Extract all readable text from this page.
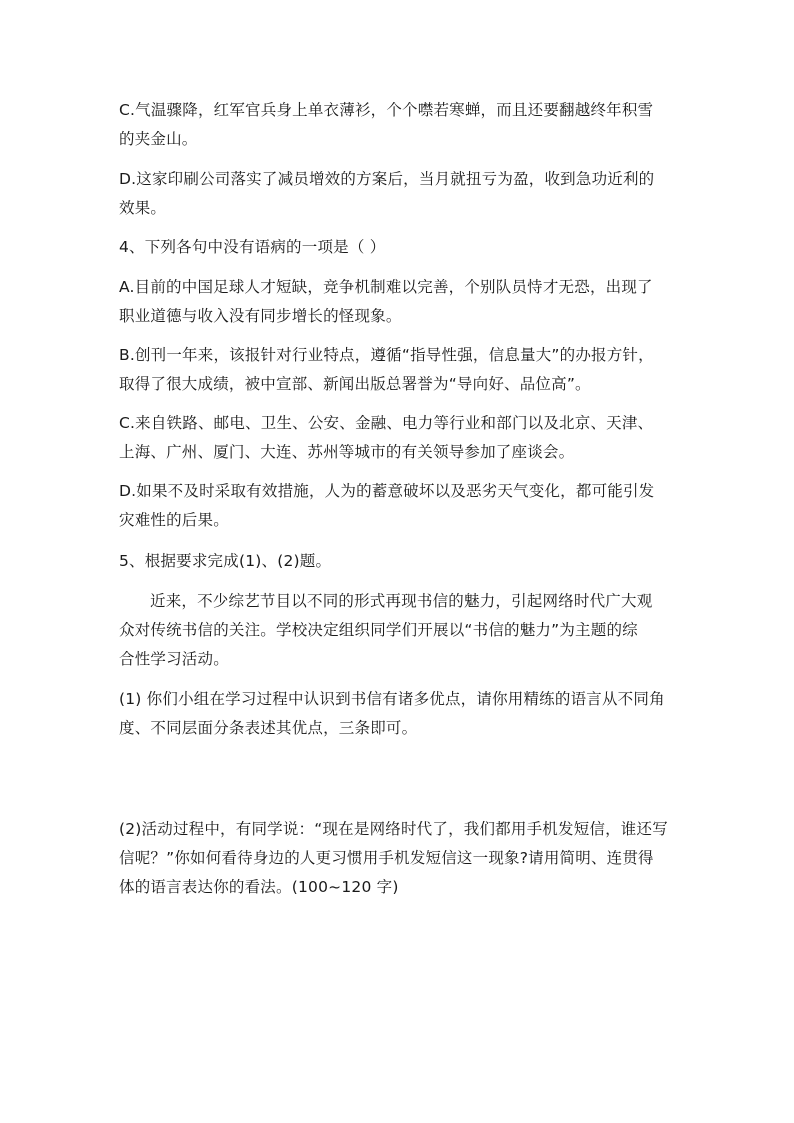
C.气温骤降，红军官兵身上单衣薄衫，个个噤若寒蝉，而且还要翻越终年积雪
的夹金山。

D.这家印刷公司落实了减员增效的方案后，当月就扭亏为盈，收到急功近利的
效果。

4、下列各句中没有语病的一项是（ ）

A.目前的中国足球人才短缺，竞争机制难以完善，个别队员恃才无恐，出现了
职业道德与收入没有同步增长的怪现象。

B.创刊一年来，该报针对行业特点，遵循“指导性强，信息量大”的办报方针，
取得了很大成绩，被中宣部、新闻出版总署誉为“导向好、品位高”。

C.来自铁路、邮电、卫生、公安、金融、电力等行业和部门以及北京、天津、
上海、广州、厦门、大连、苏州等城市的有关领导参加了座谈会。

D.如果不及时采取有效措施，人为的蓄意破坏以及恶劣天气变化，都可能引发
灾难性的后果。

5、根据要求完成(1)、(2)题。

近来，不少综艺节目以不同的形式再现书信的魅力，引起网络时代广大观
众对传统书信的关注。学校决定组织同学们开展以“书信的魅力”为主题的综
合性学习活动。

(1) 你们小组在学习过程中认识到书信有诸多优点，请你用精练的语言从不同角
度、不同层面分条表述其优点，三条即可。

(2)活动过程中，有同学说：“现在是网络时代了，我们都用手机发短信，谁还写
信呢？”你如何看待身边的人更习惯用手机发短信这一现象?请用简明、连贯得
体的语言表达你的看法。(100~120 字)
